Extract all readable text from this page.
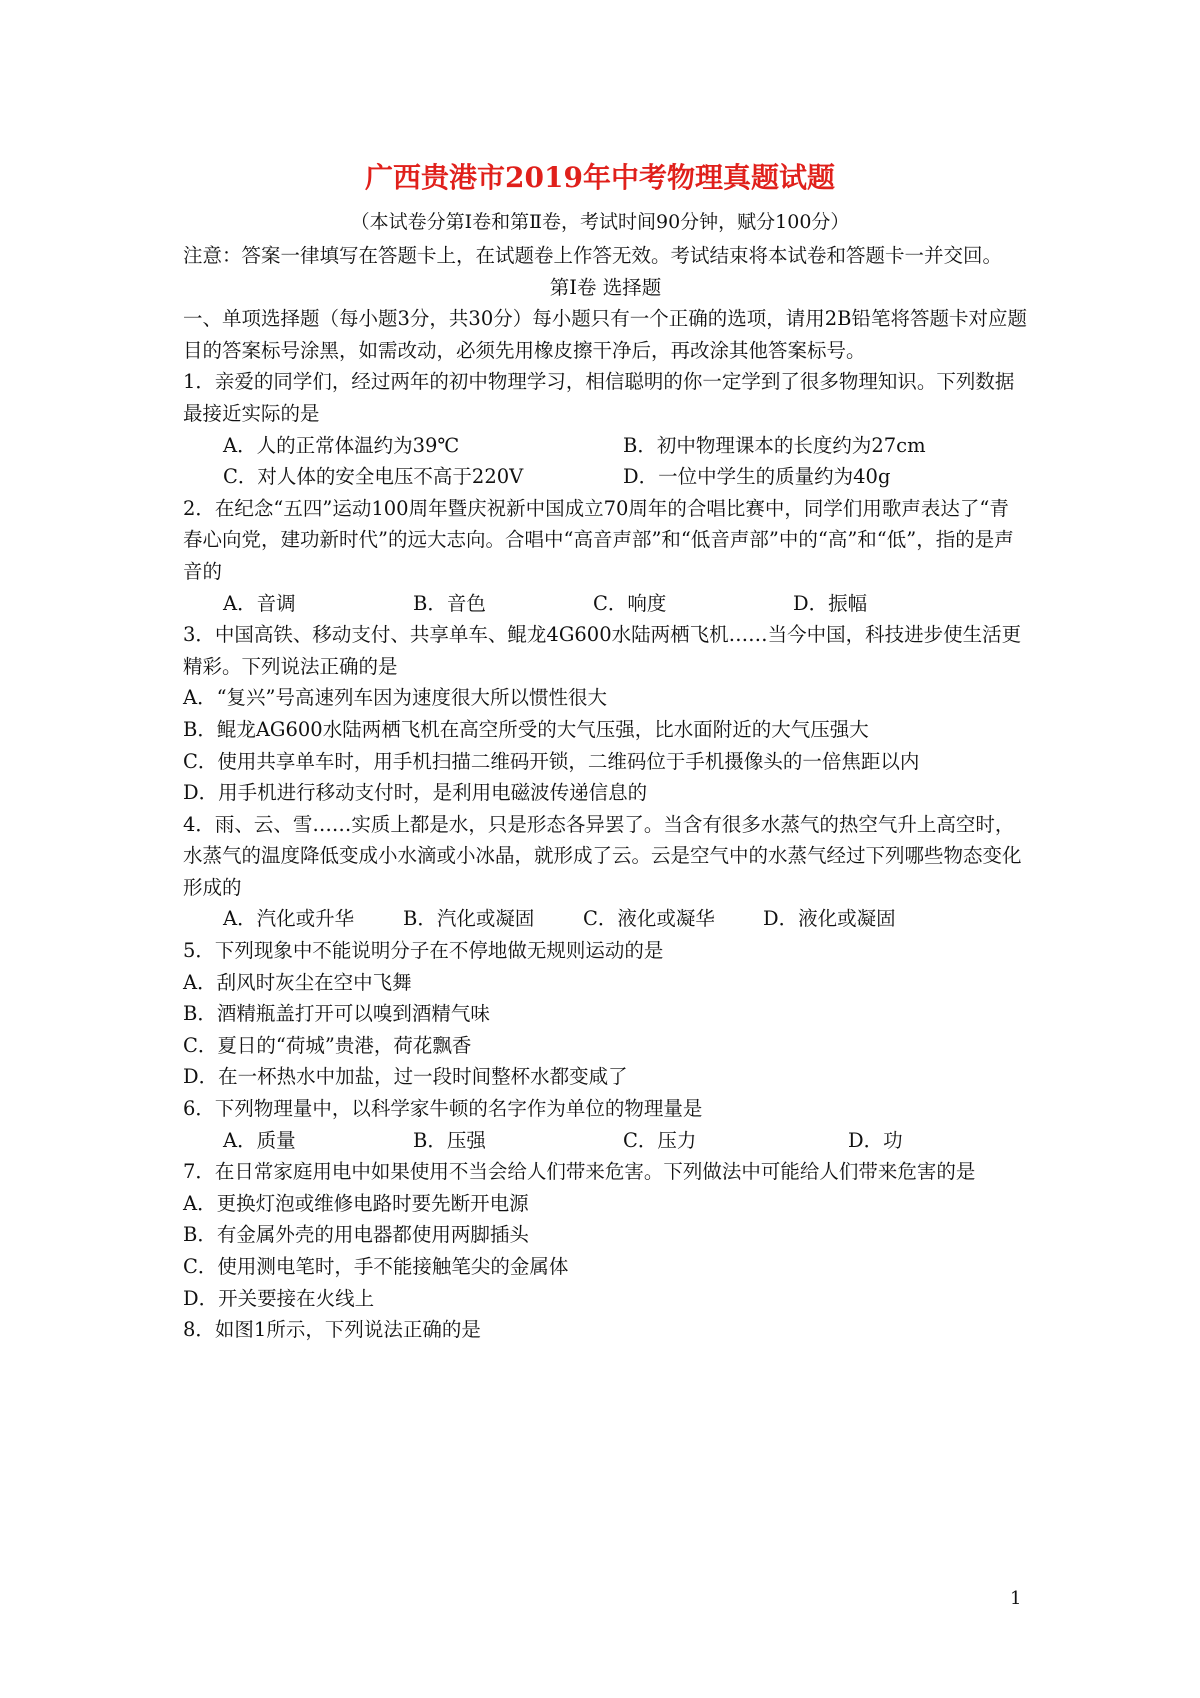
广西贵港市2019年中考物理真题试题
（本试卷分第Ⅰ卷和第Ⅱ卷，考试时间90分钟，赋分100分）

注意：答案一律填写在答题卡上，在试题卷上作答无效。考试结束将本试卷和答题卡一并交回。

第Ⅰ卷 选择题

一、单项选择题（每小题3分，共30分）每小题只有一个正确的选项，请用2B铅笔将答题卡对应题目的答案标号涂黑，如需改动，必须先用橡皮擦干净后，再改涂其他答案标号。

1．亲爱的同学们，经过两年的初中物理学习，相信聪明的你一定学到了很多物理知识。下列数据最接近实际的是

A．人的正常体温约为39℃	B．初中物理课本的长度约为27cm
C．对人体的安全电压不高于220V	D．一位中学生的质量约为40g

2．在纪念“五四”运动100周年暨庆祝新中国成立70周年的合唱比赛中，同学们用歌声表达了“青春心向党，建功新时代”的远大志向。合唱中“高音声部”和“低音声部”中的“高”和“低”，指的是声音的

A．音调	B．音色	C．响度	D．振幅

3．中国高铁、移动支付、共享单车、鲲龙4G600水陆两栖飞机……当今中国，科技进步使生活更精彩。下列说法正确的是

A．“复兴”号高速列车因为速度很大所以惯性很大

B．鲲龙AG600水陆两栖飞机在高空所受的大气压强，比水面附近的大气压强大

C．使用共享单车时，用手机扫描二维码开锁，二维码位于手机摄像头的一倍焦距以内

D．用手机进行移动支付时，是利用电磁波传递信息的

4．雨、云、雪……实质上都是水，只是形态各异罢了。当含有很多水蒸气的热空气升上高空时，水蒸气的温度降低变成小水滴或小冰晶，就形成了云。云是空气中的水蒸气经过下列哪些物态变化形成的

A．汽化或升华	B．汽化或凝固	C．液化或凝华	D．液化或凝固

5．下列现象中不能说明分子在不停地做无规则运动的是

A．刮风时灰尘在空中飞舞

B．酒精瓶盖打开可以嗅到酒精气味

C．夏日的“荷城”贵港，荷花飘香

D．在一杯热水中加盐，过一段时间整杯水都变咸了

6．下列物理量中，以科学家牛顿的名字作为单位的物理量是

A．质量	B．压强	C．压力	D．功

7．在日常家庭用电中如果使用不当会给人们带来危害。下列做法中可能给人们带来危害的是

A．更换灯泡或维修电路时要先断开电源

B．有金属外壳的用电器都使用两脚插头

C．使用测电笔时，手不能接触笔尖的金属体

D．开关要接在火线上

8．如图1所示，下列说法正确的是

1
